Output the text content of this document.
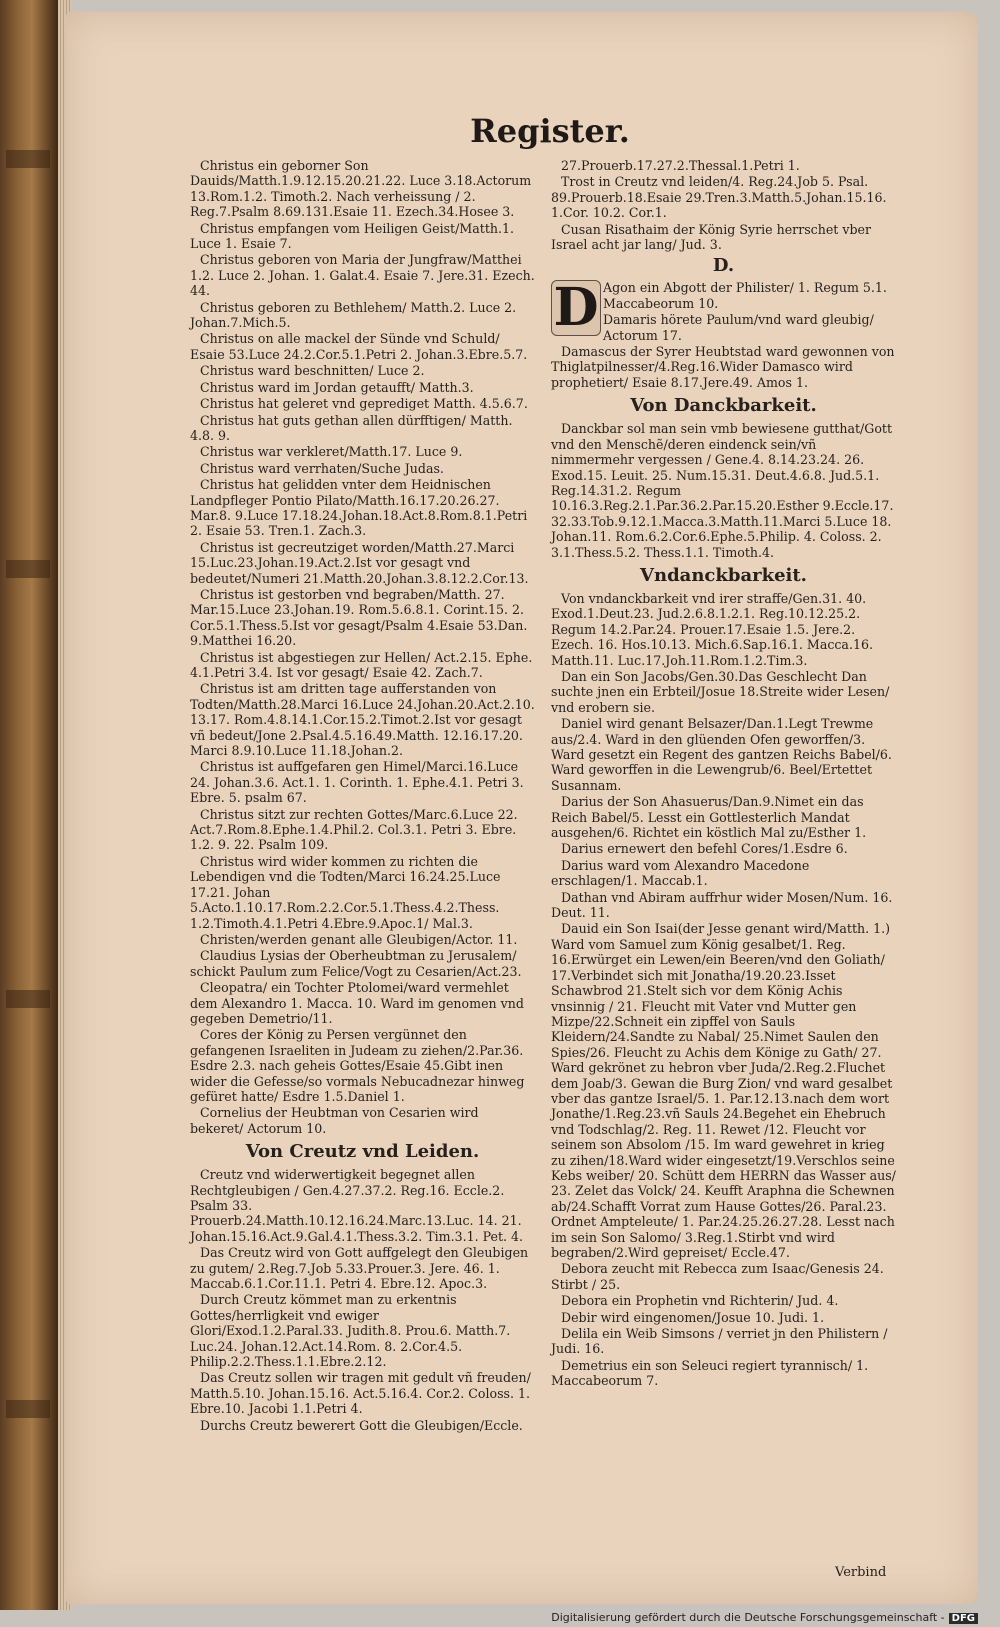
Register.
Christus ein geborner Son Dauids/Matth.1.9.12.15.20.21.22. Luce 3.18.Actorum 13.Rom.1.2. Timoth.2. Nach verheissung / 2. Reg.7.Psalm 8.69.131.Esaie 11. Ezech.34.Hosee 3.
Christus empfangen vom Heiligen Geist/Matth.1. Luce 1. Esaie 7.
Christus geboren von Maria der Jungfraw/Matthei 1.2. Luce 2. Johan. 1. Galat.4. Esaie 7. Jere.31. Ezech. 44.
Christus geboren zu Bethlehem/ Matth.2. Luce 2. Johan.7.Mich.5.
Christus on alle mackel der Sünde vnd Schuld/ Esaie 53.Luce 24.2.Cor.5.1.Petri 2. Johan.3.Ebre.5.7.
Christus ward beschnitten/ Luce 2.
Christus ward im Jordan getaufft/ Matth.3.
Christus hat geleret vnd geprediget Matth. 4.5.6.7.
Christus hat guts gethan allen dürfftigen/ Matth. 4.8. 9.
Christus war verkleret/Matth.17. Luce 9.
Christus ward verrhaten/Suche Judas.
Christus hat gelidden vnter dem Heidnischen Landpfleger Pontio Pilato/Matth.16.17.20.26.27. Mar.8. 9.Luce 17.18.24.Johan.18.Act.8.Rom.8.1.Petri 2. Esaie 53. Tren.1. Zach.3.
Christus ist gecreutziget worden/Matth.27.Marci 15.Luc.23.Johan.19.Act.2.Ist vor gesagt vnd bedeutet/Numeri 21.Matth.20.Johan.3.8.12.2.Cor.13.
Christus ist gestorben vnd begraben/Matth. 27. Mar.15.Luce 23.Johan.19. Rom.5.6.8.1. Corint.15. 2. Cor.5.1.Thess.5.Ist vor gesagt/Psalm 4.Esaie 53.Dan. 9.Matthei 16.20.
Christus ist abgestiegen zur Hellen/ Act.2.15. Ephe. 4.1.Petri 3.4. Ist vor gesagt/ Esaie 42. Zach.7.
Christus ist am dritten tage aufferstanden von Todten/Matth.28.Marci 16.Luce 24.Johan.20.Act.2.10. 13.17. Rom.4.8.14.1.Cor.15.2.Timot.2.Ist vor gesagt vñ bedeut/Jone 2.Psal.4.5.16.49.Matth. 12.16.17.20. Marci 8.9.10.Luce 11.18.Johan.2.
Christus ist auffgefaren gen Himel/Marci.16.Luce 24. Johan.3.6. Act.1. 1. Corinth. 1. Ephe.4.1. Petri 3. Ebre. 5. psalm 67.
Christus sitzt zur rechten Gottes/Marc.6.Luce 22. Act.7.Rom.8.Ephe.1.4.Phil.2. Col.3.1. Petri 3. Ebre. 1.2. 9. 22. Psalm 109.
Christus wird wider kommen zu richten die Lebendigen vnd die Todten/Marci 16.24.25.Luce 17.21. Johan 5.Acto.1.10.17.Rom.2.2.Cor.5.1.Thess.4.2.Thess. 1.2.Timoth.4.1.Petri 4.Ebre.9.Apoc.1/ Mal.3.
Christen/werden genant alle Gleubigen/Actor. 11.
Claudius Lysias der Oberheubtman zu Jerusalem/ schickt Paulum zum Felice/Vogt zu Cesarien/Act.23.
Cleopatra/ ein Tochter Ptolomei/ward vermehlet dem Alexandro 1. Macca. 10. Ward im genomen vnd gegeben Demetrio/11.
Cores der König zu Persen vergünnet den gefangenen Israeliten in Judeam zu ziehen/2.Par.36. Esdre 2.3. nach geheis Gottes/Esaie 45.Gibt inen wider die Gefesse/so vormals Nebucadnezar hinweg gefüret hatte/ Esdre 1.5.Daniel 1.
Cornelius der Heubtman von Cesarien wird bekeret/ Actorum 10.
Von Creutz vnd Leiden.
Creutz vnd widerwertigkeit begegnet allen Rechtgleubigen / Gen.4.27.37.2. Reg.16. Eccle.2. Psalm 33. Prouerb.24.Matth.10.12.16.24.Marc.13.Luc. 14. 21. Johan.15.16.Act.9.Gal.4.1.Thess.3.2. Tim.3.1. Pet. 4.
Das Creutz wird von Gott auffgelegt den Gleubigen zu gutem/ 2.Reg.7.Job 5.33.Prouer.3. Jere. 46. 1. Maccab.6.1.Cor.11.1. Petri 4. Ebre.12. Apoc.3.
Durch Creutz kömmet man zu erkentnis Gottes/herrligkeit vnd ewiger Glori/Exod.1.2.Paral.33. Judith.8. Prou.6. Matth.7. Luc.24. Johan.12.Act.14.Rom. 8. 2.Cor.4.5. Philip.2.2.Thess.1.1.Ebre.2.12.
Das Creutz sollen wir tragen mit gedult vñ freuden/ Matth.5.10. Johan.15.16. Act.5.16.4. Cor.2. Coloss. 1. Ebre.10. Jacobi 1.1.Petri 4.
Durchs Creutz bewerert Gott die Gleubigen/Eccle.
27.Prouerb.17.27.2.Thessal.1.Petri 1.
Trost in Creutz vnd leiden/4. Reg.24.Job 5. Psal. 89.Prouerb.18.Esaie 29.Tren.3.Matth.5.Johan.15.16. 1.Cor. 10.2. Cor.1.
Cusan Risathaim der König Syrie herrschet vber Israel acht jar lang/ Jud. 3.
D.
D Agon ein Abgott der Philister/ 1. Regum 5.1. Maccabeorum 10.
Damaris hörete Paulum/vnd ward gleubig/ Actorum 17.
Damascus der Syrer Heubtstad ward gewonnen von Thiglatpilnesser/4.Reg.16.Wider Damasco wird prophetiert/ Esaie 8.17.Jere.49. Amos 1.
Von Danckbarkeit.
Danckbar sol man sein vmb bewiesene gutthat/Gott vnd den Menschẽ/deren eindenck sein/vñ nimmermehr vergessen / Gene.4. 8.14.23.24. 26. Exod.15. Leuit. 25. Num.15.31. Deut.4.6.8. Jud.5.1. Reg.14.31.2. Regum 10.16.3.Reg.2.1.Par.36.2.Par.15.20.Esther 9.Eccle.17. 32.33.Tob.9.12.1.Macca.3.Matth.11.Marci 5.Luce 18. Johan.11. Rom.6.2.Cor.6.Ephe.5.Philip. 4. Coloss. 2. 3.1.Thess.5.2. Thess.1.1. Timoth.4.
Vndanckbarkeit.
Von vndanckbarkeit vnd irer straffe/Gen.31. 40. Exod.1.Deut.23. Jud.2.6.8.1.2.1. Reg.10.12.25.2. Regum 14.2.Par.24. Prouer.17.Esaie 1.5. Jere.2. Ezech. 16. Hos.10.13. Mich.6.Sap.16.1. Macca.16. Matth.11. Luc.17.Joh.11.Rom.1.2.Tim.3.
Dan ein Son Jacobs/Gen.30.Das Geschlecht Dan suchte jnen ein Erbteil/Josue 18.Streite wider Lesen/ vnd erobern sie.
Daniel wird genant Belsazer/Dan.1.Legt Trewme aus/2.4. Ward in den glüenden Ofen geworffen/3. Ward gesetzt ein Regent des gantzen Reichs Babel/6. Ward geworffen in die Lewengrub/6. Beel/Ertettet Susannam.
Darius der Son Ahasuerus/Dan.9.Nimet ein das Reich Babel/5. Lesst ein Gottlesterlich Mandat ausgehen/6. Richtet ein köstlich Mal zu/Esther 1.
Darius ernewert den befehl Cores/1.Esdre 6.
Darius ward vom Alexandro Macedone erschlagen/1. Maccab.1.
Dathan vnd Abiram auffrhur wider Mosen/Num. 16. Deut. 11.
Dauid ein Son Isai(der Jesse genant wird/Matth. 1.) Ward vom Samuel zum König gesalbet/1. Reg. 16.Erwürget ein Lewen/ein Beeren/vnd den Goliath/ 17.Verbindet sich mit Jonatha/19.20.23.Isset Schawbrod 21.Stelt sich vor dem König Achis vnsinnig / 21. Fleucht mit Vater vnd Mutter gen Mizpe/22.Schneit ein zipffel von Sauls Kleidern/24.Sandte zu Nabal/ 25.Nimet Saulen den Spies/26. Fleucht zu Achis dem Könige zu Gath/ 27. Ward gekrönet zu hebron vber Juda/2.Reg.2.Fluchet dem Joab/3. Gewan die Burg Zion/ vnd ward gesalbet vber das gantze Israel/5. 1. Par.12.13.nach dem wort Jonathe/1.Reg.23.vñ Sauls 24.Begehet ein Ehebruch vnd Todschlag/2. Reg. 11. Rewet /12. Fleucht vor seinem son Absolom /15. Im ward gewehret in krieg zu zihen/18.Ward wider eingesetzt/19.Verschlos seine Kebs weiber/ 20. Schütt dem HERRN das Wasser aus/ 23. Zelet das Volck/ 24. Keufft Araphna die Schewnen ab/24.Schafft Vorrat zum Hause Gottes/26. Paral.23. Ordnet Ampteleute/ 1. Par.24.25.26.27.28. Lesst nach im sein Son Salomo/ 3.Reg.1.Stirbt vnd wird begraben/2.Wird gepreiset/ Eccle.47.
Debora zeucht mit Rebecca zum Isaac/Genesis 24. Stirbt / 25.
Debora ein Prophetin vnd Richterin/ Jud. 4.
Debir wird eingenomen/Josue 10. Judi. 1.
Delila ein Weib Simsons / verriet jn den Philistern / Judi. 16.
Demetrius ein son Seleuci regiert tyrannisch/ 1. Maccabeorum 7.
Verbind
Digitalisierung gefördert durch die Deutsche Forschungsgemeinschaft - DFG
